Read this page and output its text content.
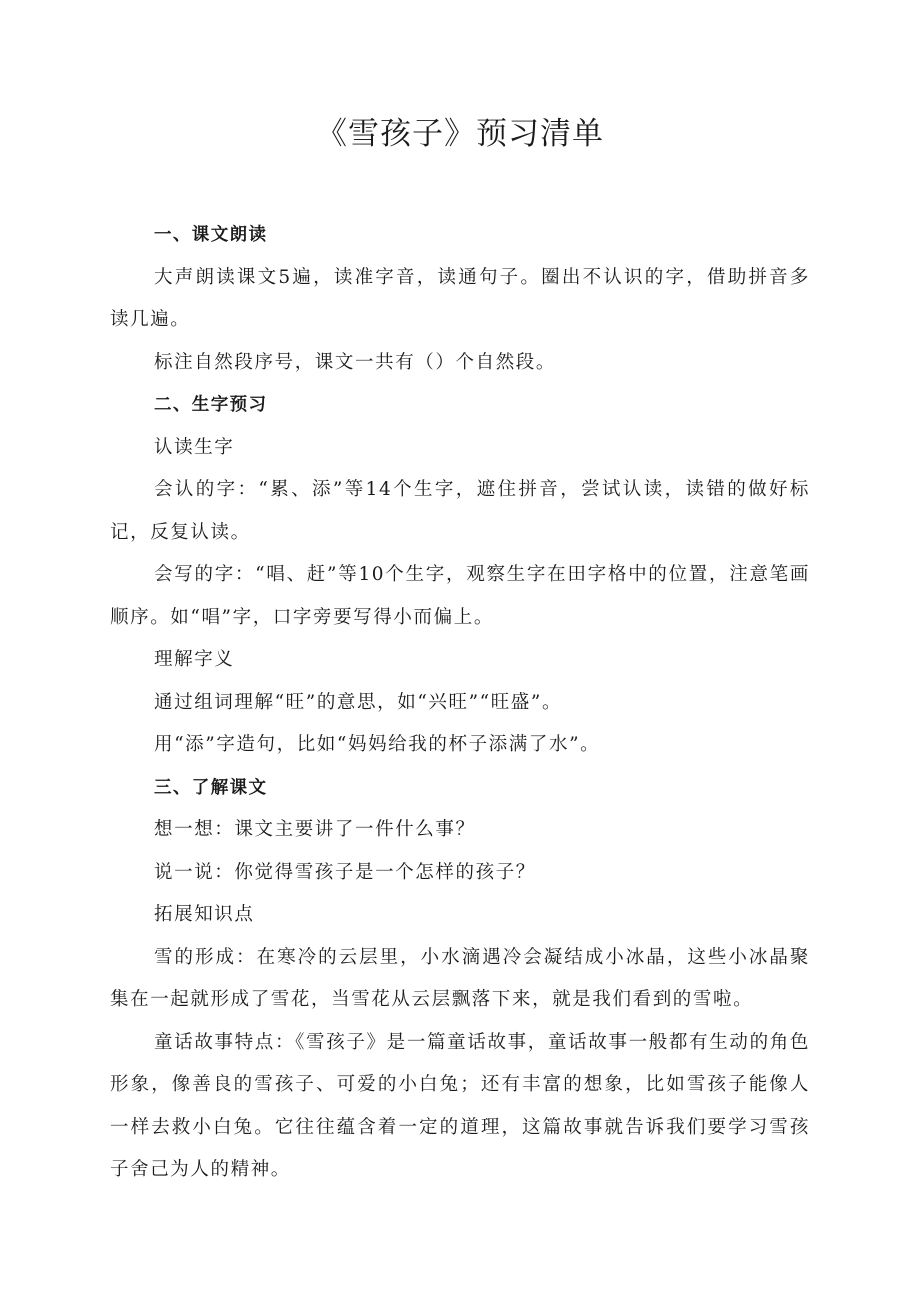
《雪孩子》预习清单

一、课文朗读

大声朗读课文5遍，读准字音，读通句子。圈出不认识的字，借助拼音多读几遍。

标注自然段序号，课文一共有（）个自然段。

二、生字预习

认读生字

会认的字：“累、添”等14个生字，遮住拼音，尝试认读，读错的做好标记，反复认读。

会写的字：“唱、赶”等10个生字，观察生字在田字格中的位置，注意笔画顺序。如“唱”字，口字旁要写得小而偏上。

理解字义

通过组词理解“旺”的意思，如“兴旺”“旺盛”。

用“添”字造句，比如“妈妈给我的杯子添满了水”。

三、了解课文

想一想：课文主要讲了一件什么事？

说一说：你觉得雪孩子是一个怎样的孩子？

拓展知识点

雪的形成：在寒冷的云层里，小水滴遇冷会凝结成小冰晶，这些小冰晶聚集在一起就形成了雪花，当雪花从云层飘落下来，就是我们看到的雪啦。

童话故事特点：《雪孩子》是一篇童话故事，童话故事一般都有生动的角色形象，像善良的雪孩子、可爱的小白兔；还有丰富的想象，比如雪孩子能像人一样去救小白兔。它往往蕴含着一定的道理，这篇故事就告诉我们要学习雪孩子舍己为人的精神。
